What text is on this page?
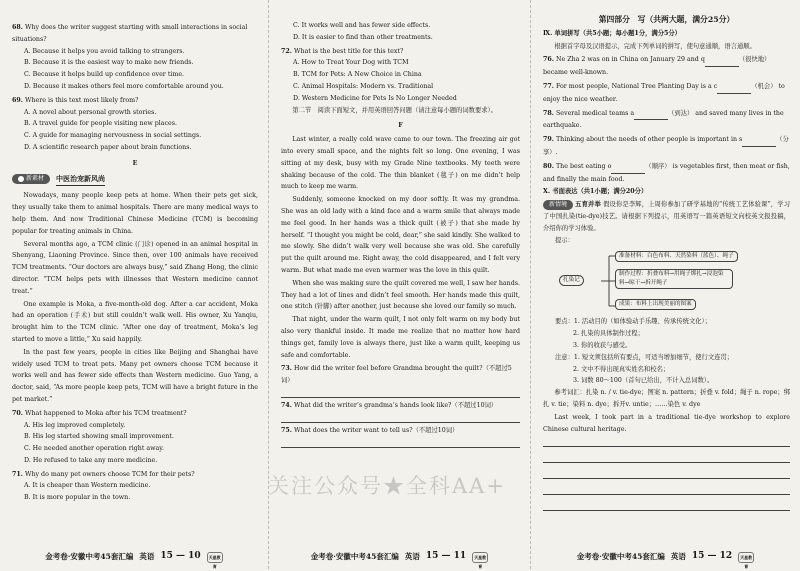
68. Why does the writer suggest starting with small interactions in social situations?
A. Because it helps you avoid talking to strangers.
B. Because it is the easiest way to make new friends.
C. Because it helps build up confidence over time.
D. Because it makes others feel more comfortable around you.
69. Where is this text most likely from?
A. A novel about personal growth stories.
B. A travel guide for people visiting new places.
C. A guide for managing nervousness in social settings.
D. A scientific research paper about brain functions.
E
新素材 中医治宠新风尚

Nowadays, many people keep pets at home. When their pets get sick, they usually take them to animal hospitals. There are many medical ways to help them. And now Traditional Chinese Medicine (TCM) is becoming popular for treating animals in China.

Several months ago, a TCM clinic (门诊) opened in an animal hospital in Shenyang, Liaoning Province. Since then, over 100 animals have received TCM treatments. “Our doctors are always busy,” said Zhang Hong, the clinic director. “TCM helps pets with illnesses that Western medicine cannot treat.”

One example is Moka, a five-month-old dog. After a car accident, Moka had an operation (手术) but still couldn’t walk well. His owner, Xu Yanqiu, brought him to the TCM clinic. “After one day of treatment, Moka’s leg started to move a little,” Xu said happily.

In the past few years, people in cities like Beijing and Shanghai have widely used TCM to treat pets. Many pet owners choose TCM because it works well and has fewer side effects than Western medicine. Guo Yang, a doctor, said, “As more people keep pets, TCM will have a bright future in the pet market.”

70. What happened to Moka after his TCM treatment?
A. His leg improved completely.
B. His leg started showing small improvement.
C. He needed another operation right away.
D. He refused to take any more medicine.
71. Why do many pet owners choose TCM for their pets?
A. It is cheaper than Western medicine.
B. It is more popular in the town.
金考卷·安徽中考45套汇编 英语 15 — 10	天星教育
C. It works well and has fewer side effects.
D. It is easier to find than other treatments.
72. What is the best title for this text?
A. How to Treat Your Dog with TCM
B. TCM for Pets: A New Choice in China
C. Animal Hospitals: Modern vs. Traditional
D. Western Medicine for Pets Is No Longer Needed

第二节　阅读下面短文，并用英语回答问题（请注意每小题的词数要求）。

F

Last winter, a really cold wave came to our town. The freezing air got into every small space, and the nights felt so long. One evening, I was sitting at my desk, busy with my Grade Nine textbooks. My teeth were shaking because of the cold. The thin blanket (毯子) on me didn’t help much to keep me warm.

Suddenly, someone knocked on my door softly. It was my grandma. She was an old lady with a kind face and a warm smile that always made me feel good. In her hands was a thick quilt (被子) that she made by herself. “I thought you might be cold, dear,” she said kindly. She walked to me slowly. She didn’t walk very well because she was old. She carefully put the quilt around me. Right away, the cold disappeared, and I felt very warm. But what made me even warmer was the love in this quilt.

When she was making sure the quilt covered me well, I saw her hands. They had a lot of lines and didn’t feel smooth. Her hands made this quilt, one stitch (针脚) after another, just because she loved our family so much.

That night, under the warm quilt, I not only felt warm on my body but also very thankful inside. It made me realize that no matter how hard things get, family love is always there, just like a warm quilt, keeping us safe and comfortable.

73. How did the writer feel before Grandma brought the quilt?（不超过5词）
74. What did the writer’s grandma’s hands look like?（不超过10词）
75. What does the writer want to tell us?（不超过10词）
金考卷·安徽中考45套汇编 英语 15 — 11	天星教育
第四部分　写（共两大题，满分25分）
Ⅸ. 单词拼写（共5小题；每小题1分，满分5分）

根据首字母及汉语提示，完成下列单词的拼写，使句意通顺，语言通顺。

76. Ne Zha 2 was on in China on January 29 and q	（很快地） became well-known.
77. For most people, National Tree Planting Day is a c	（机会） to enjoy the nice weather.
78. Several medical teams a	（到达） and saved many lives in the earthquake.
79. Thinking about the needs of other people is important in s	（分享）.
80. The best eating o	（顺序） is vegetables first, then meat or fish, and finally the main food.
Ⅹ. 书面表达（共1小题；满分20分）
新情境 五育并举 假设你是李辉，上周你参加了研学基地的“传统工艺体验课”，学习了中国扎染(tie-dye)技艺。请根据下列提示，用英语写一篇英语短文向校英文报投稿，介绍你的学习体验。
提示：
扎染记
准备材料：白色布料、天然染料（蓝色）、绳子
制作过程：折叠布料→用绳子绑扎→浸泡染料→晾干→拆开绳子
成果：布料上出现美丽的图案
要点：1. 活动目的（如体验动手乐趣、传承传统文化）；
2. 扎染的具体制作过程；
3. 你的收获与感受。
注意：1. 短文须包括所有要点，可适当增加细节，使行文连贯；
2. 文中不得出现真实姓名和校名；
3. 词数 80～100（首句已给出，不计入总词数）。

参考词汇：扎染 n. / v. tie-dye；图案 n. pattern；折叠 v. fold；绳子 n. rope；绑扎 v. tie；染料 n. dye；拆开v. untie；……染色 v. dye

Last week, I took part in a traditional tie-dye workshop to explore Chinese cultural heritage.

金考卷·安徽中考45套汇编 英语 15 — 12	天星教育
关注公众号★全科AA+
